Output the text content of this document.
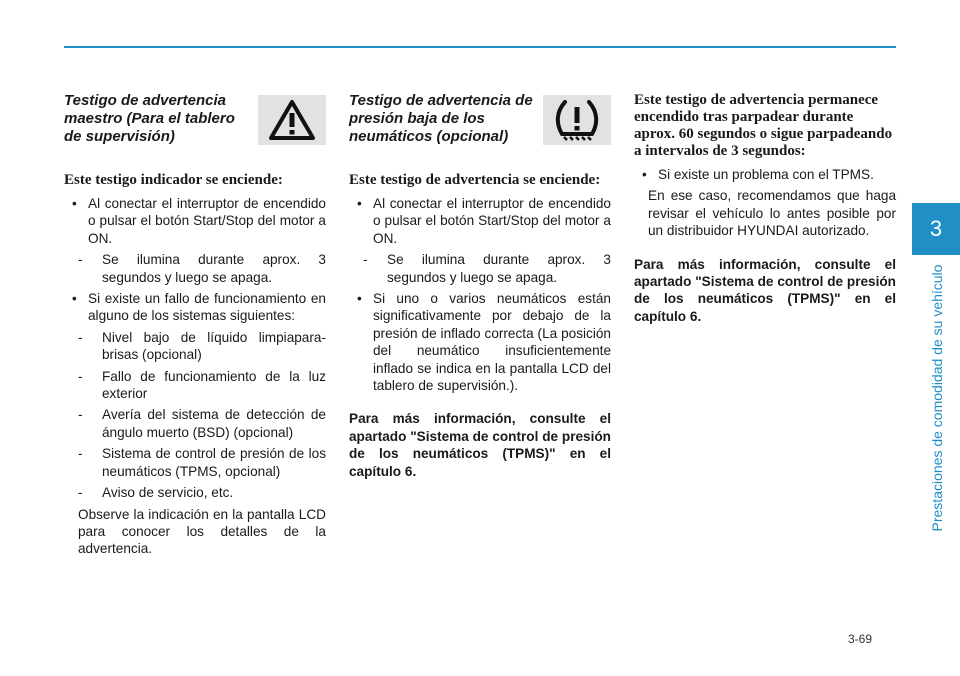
3
Prestaciones de comodidad de su vehículo
Testigo de advertencia maestro (Para el tablero de supervisión)
Este testigo indicador se enciende:
• Al conectar el interruptor de encendido o pulsar el botón Start/Stop del motor a ON.
- Se ilumina durante aprox. 3 segundos y luego se apaga.
• Si existe un fallo de funcionamiento en alguno de los sistemas siguientes:
- Nivel bajo de líquido limpiapara-brisas (opcional)
- Fallo de funcionamiento de la luz exterior
- Avería del sistema de detección de ángulo muerto (BSD) (opcional)
- Sistema de control de presión de los neumáticos (TPMS, opcional)
- Aviso de servicio, etc.
Observe la indicación en la pantalla LCD para conocer los detalles de la advertencia.
Testigo de advertencia de presión baja de los neumáticos (opcional)
Este testigo de advertencia se enciende:
• Al conectar el interruptor de encendido o pulsar el botón Start/Stop del motor a ON.
- Se ilumina durante aprox. 3 segundos y luego se apaga.
• Si uno o varios neumáticos están significativamente por debajo de la presión de inflado correcta (La posición del neumático insuficientemente inflado se indica en la pantalla LCD del tablero de supervisión.).
Para más información, consulte el apartado "Sistema de control de presión de los neumáticos (TPMS)" en el capítulo 6.
Este testigo de advertencia permanece encendido tras parpadear durante aprox. 60 segundos o sigue parpadeando a intervalos de 3 segundos:
• Si existe un problema con el TPMS.
En ese caso, recomendamos que haga revisar el vehículo lo antes posible por un distribuidor HYUNDAI autorizado.
Para más información, consulte el apartado "Sistema de control de presión de los neumáticos (TPMS)" en el capítulo 6.
3-69
